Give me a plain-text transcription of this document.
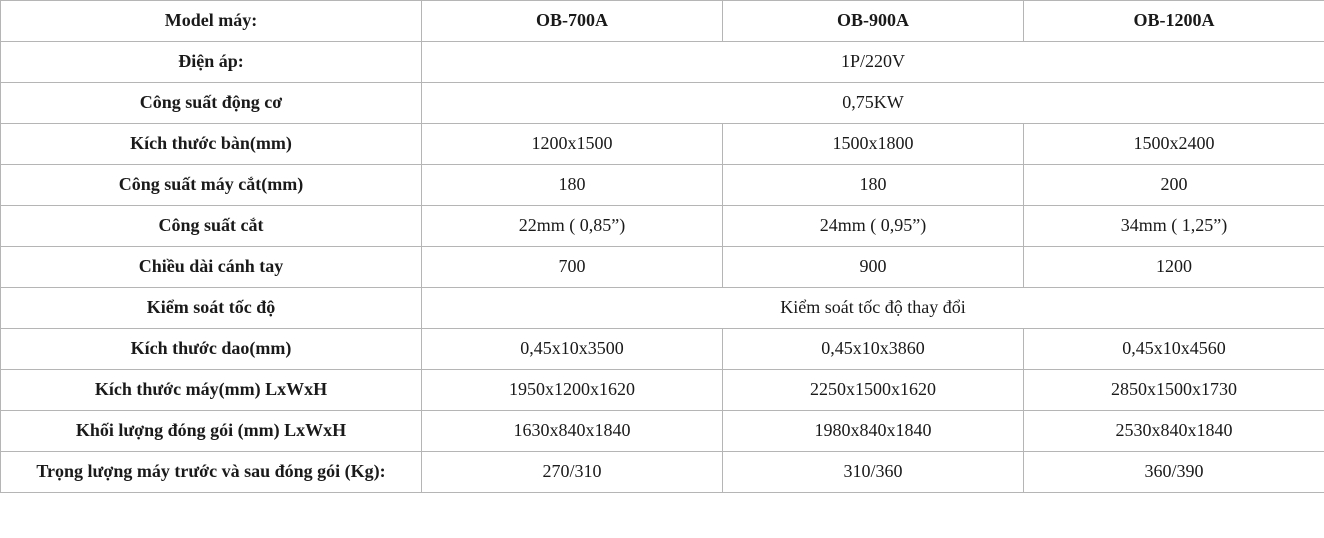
Model máy:	OB-700A	OB-900A	OB-1200A
Điện áp:	1P/220V		
Công suất động cơ	0,75KW		
Kích thước bàn(mm)	1200x1500	1500x1800	1500x2400
Công suất máy cắt(mm)	180	180	200
Công suất cắt	22mm ( 0,85”)	24mm ( 0,95”)	34mm ( 1,25”)
Chiều dài cánh tay	700	900	1200
Kiểm soát tốc độ	Kiểm soát tốc độ thay đổi		
Kích thước dao(mm)	0,45x10x3500	0,45x10x3860	0,45x10x4560
Kích thước máy(mm) LxWxH	1950x1200x1620	2250x1500x1620	2850x1500x1730
Khối lượng đóng gói (mm) LxWxH	1630x840x1840	1980x840x1840	2530x840x1840
Trọng lượng máy trước và sau đóng gói (Kg):	270/310	310/360	360/390
